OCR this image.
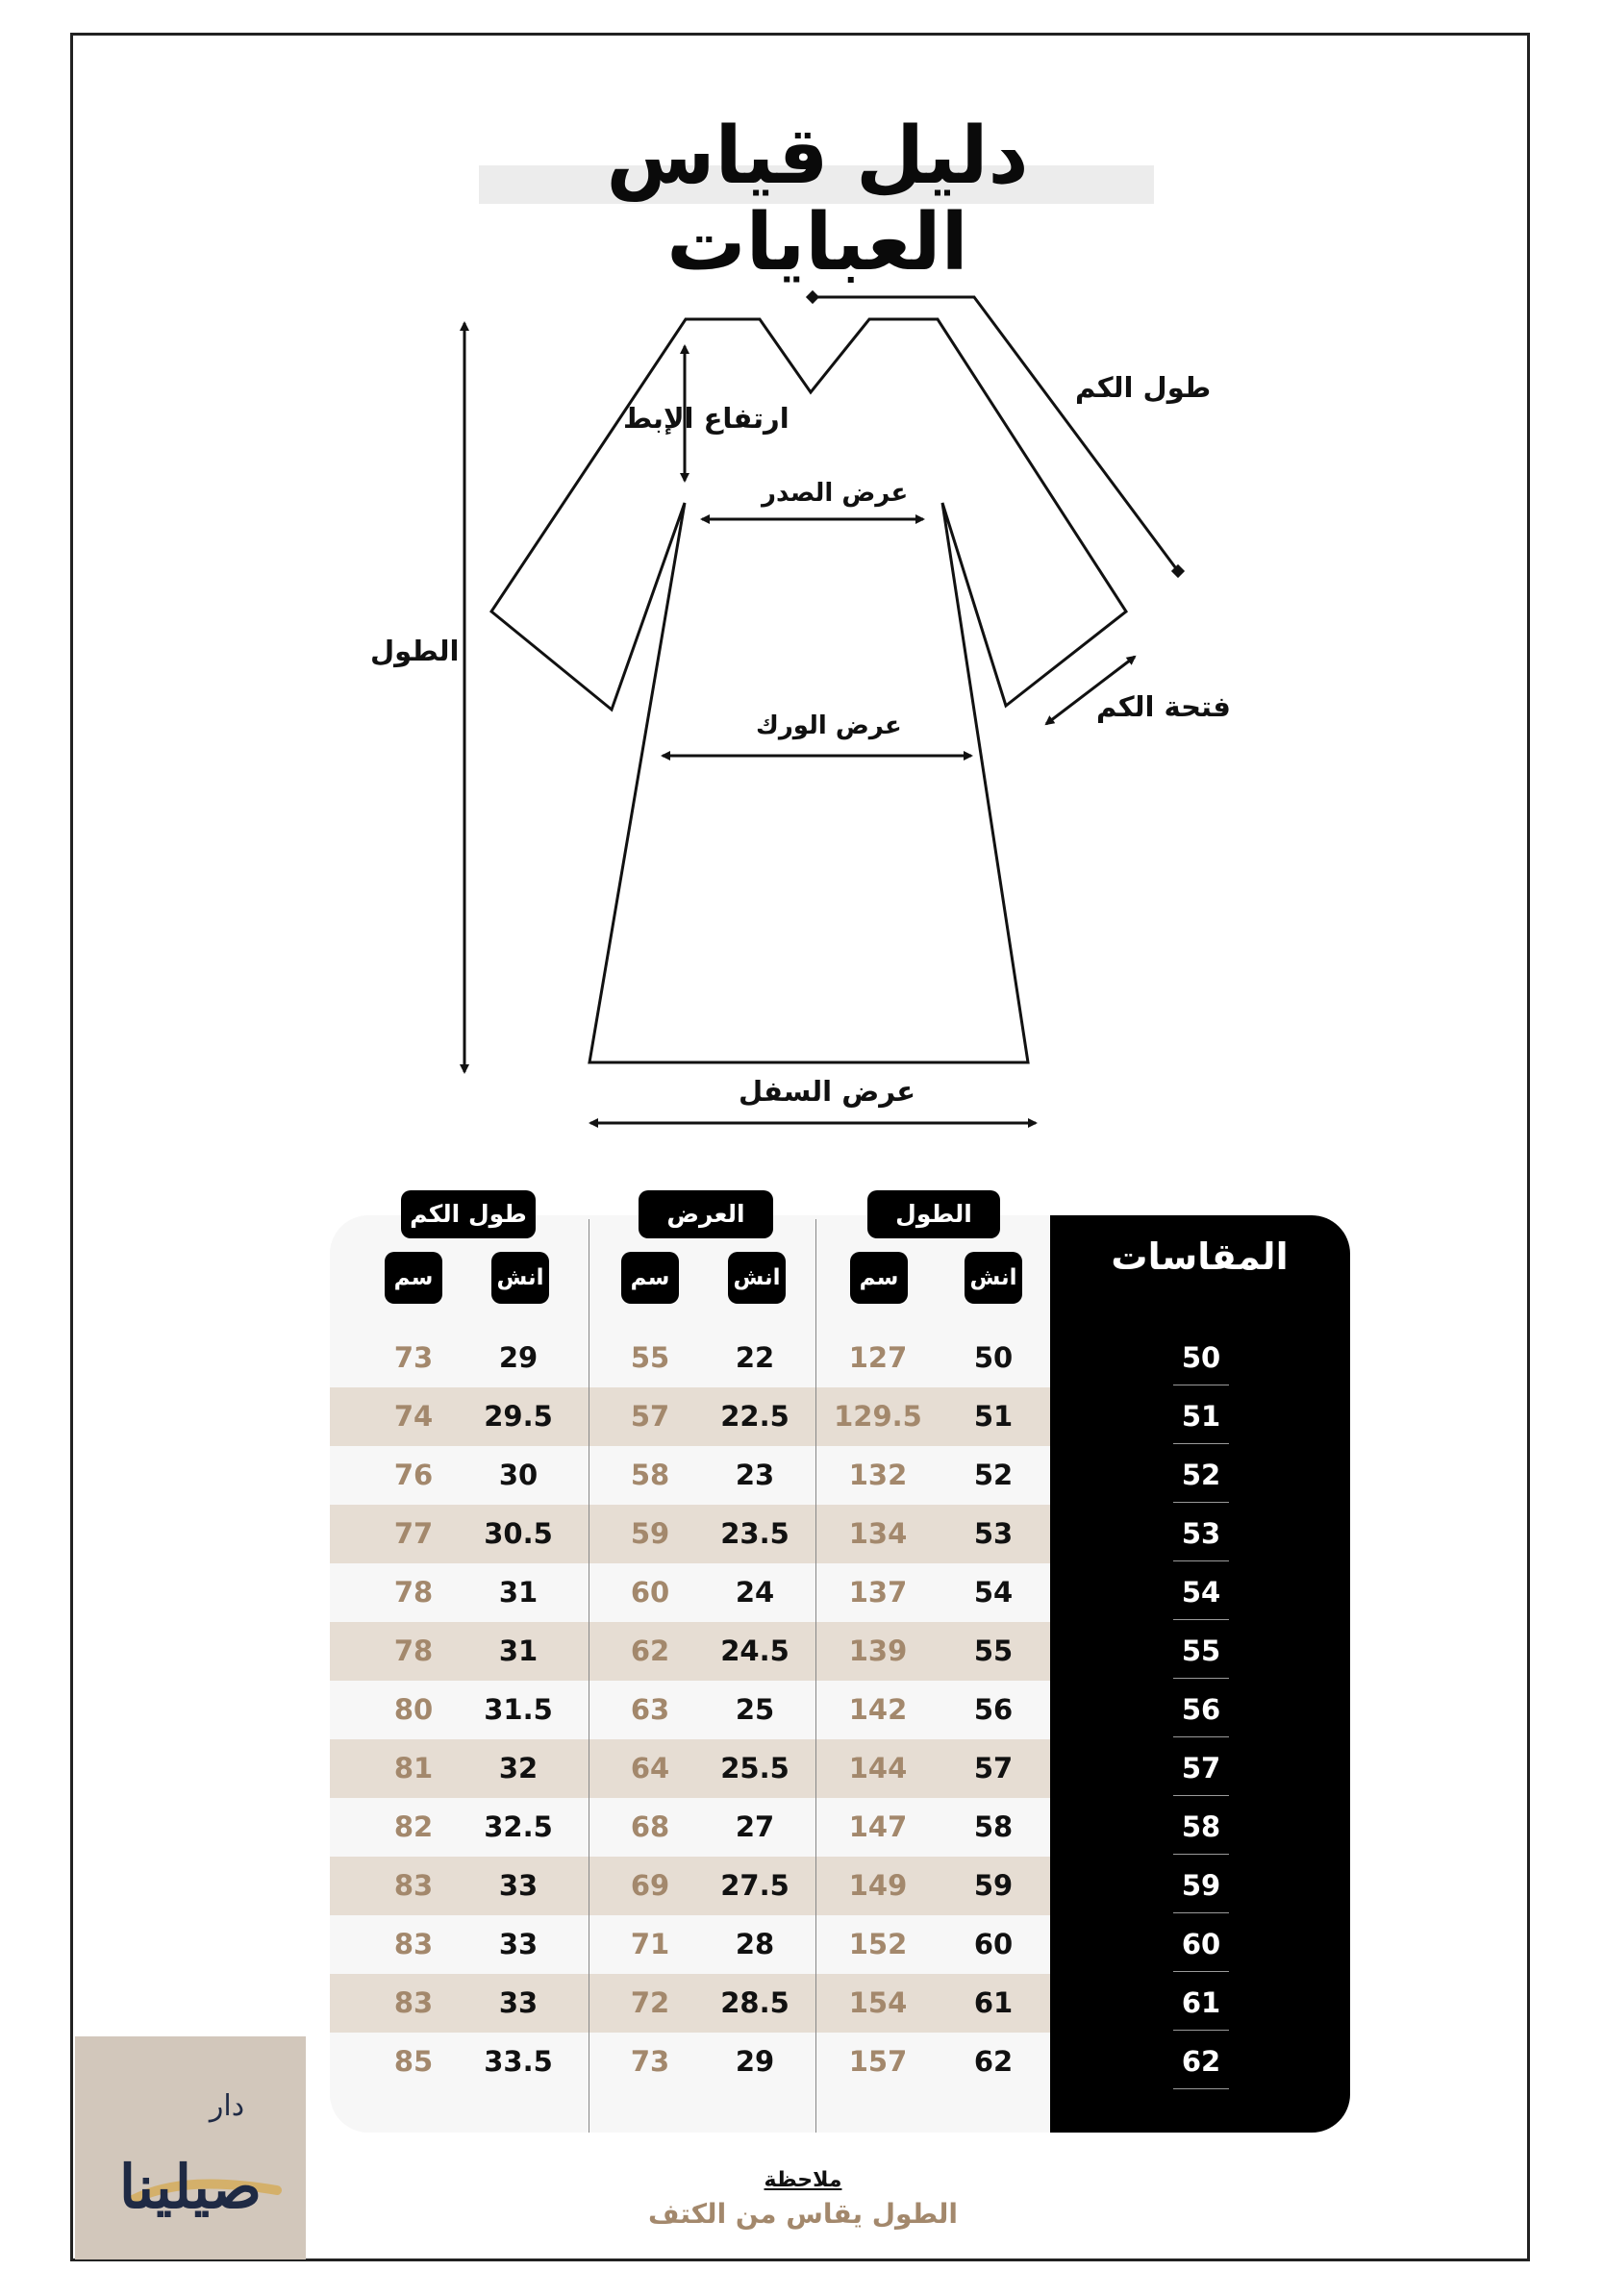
دليل قياس العبايات
طول الكم
ارتفاع الإبط
عرض الصدر
الطول
فتحة الكم
عرض الورك
عرض السفل
المقاسات
الطول
العرض
طول الكم
انش
سم
انش
سم
انش
سم
73	29	55	22	127	50	50
74	29.5	57	22.5	129.5	51	51
76	30	58	23	132	52	52
77	30.5	59	23.5	134	53	53
78	31	60	24	137	54	54
78	31	62	24.5	139	55	55
80	31.5	63	25	142	56	56
81	32	64	25.5	144	57	57
82	32.5	68	27	147	58	58
83	33	69	27.5	149	59	59
83	33	71	28	152	60	60
83	33	72	28.5	154	61	61
85	33.5	73	29	157	62	62
ملاحظة
الطول يقاس من الكتف
دار
صيلينا
